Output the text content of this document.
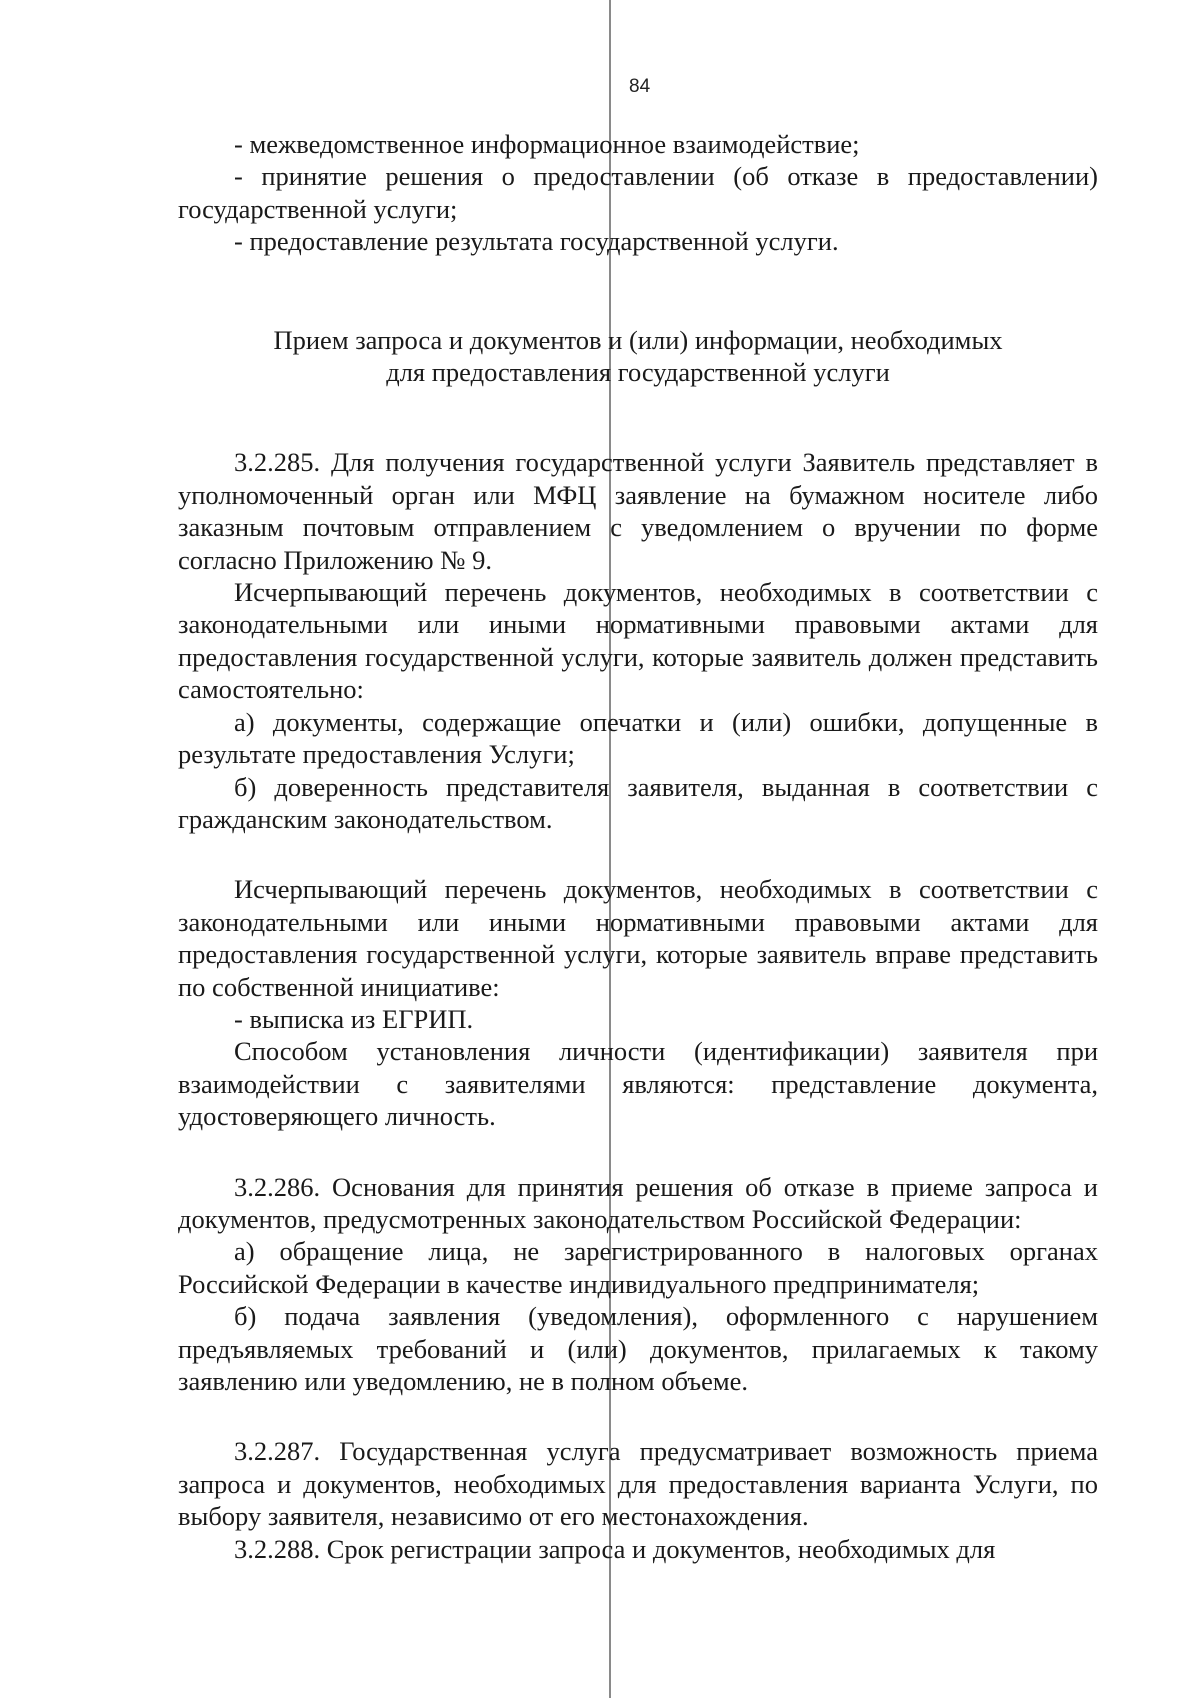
84

- межведомственное информационное взаимодействие;

- принятие решения о предоставлении (об отказе в предоставлении) государственной услуги;

- предоставление результата государственной услуги.

Прием запроса и документов и (или) информации, необходимых

для предоставления государственной услуги

3.2.285. Для получения государственной услуги Заявитель представляет в уполномоченный орган или МФЦ заявление на бумажном носителе либо заказным почтовым отправлением с уведомлением о вручении по форме согласно Приложению № 9.

Исчерпывающий перечень документов, необходимых в соответствии с законодательными или иными нормативными правовыми актами для предоставления государственной услуги, которые заявитель должен представить самостоятельно:

а) документы, содержащие опечатки и (или) ошибки, допущенные в результате предоставления Услуги;

б) доверенность представителя заявителя, выданная в соответствии с гражданским законодательством.

Исчерпывающий перечень документов, необходимых в соответствии с законодательными или иными нормативными правовыми актами для предоставления государственной услуги, которые заявитель вправе представить по собственной инициативе:

- выписка из ЕГРИП.

Способом установления личности (идентификации) заявителя при взаимодействии с заявителями являются: представление документа, удостоверяющего личность.

3.2.286. Основания для принятия решения об отказе в приеме запроса и документов, предусмотренных законодательством Российской Федерации:

а) обращение лица, не зарегистрированного в налоговых органах Российской Федерации в качестве индивидуального предпринимателя;

б) подача заявления (уведомления), оформленного с нарушением предъявляемых требований и (или) документов, прилагаемых к такому заявлению или уведомлению, не в полном объеме.

3.2.287. Государственная услуга предусматривает возможность приема запроса и документов, необходимых для предоставления варианта Услуги, по выбору заявителя, независимо от его местонахождения.

3.2.288. Срок регистрации запроса и документов, необходимых для
